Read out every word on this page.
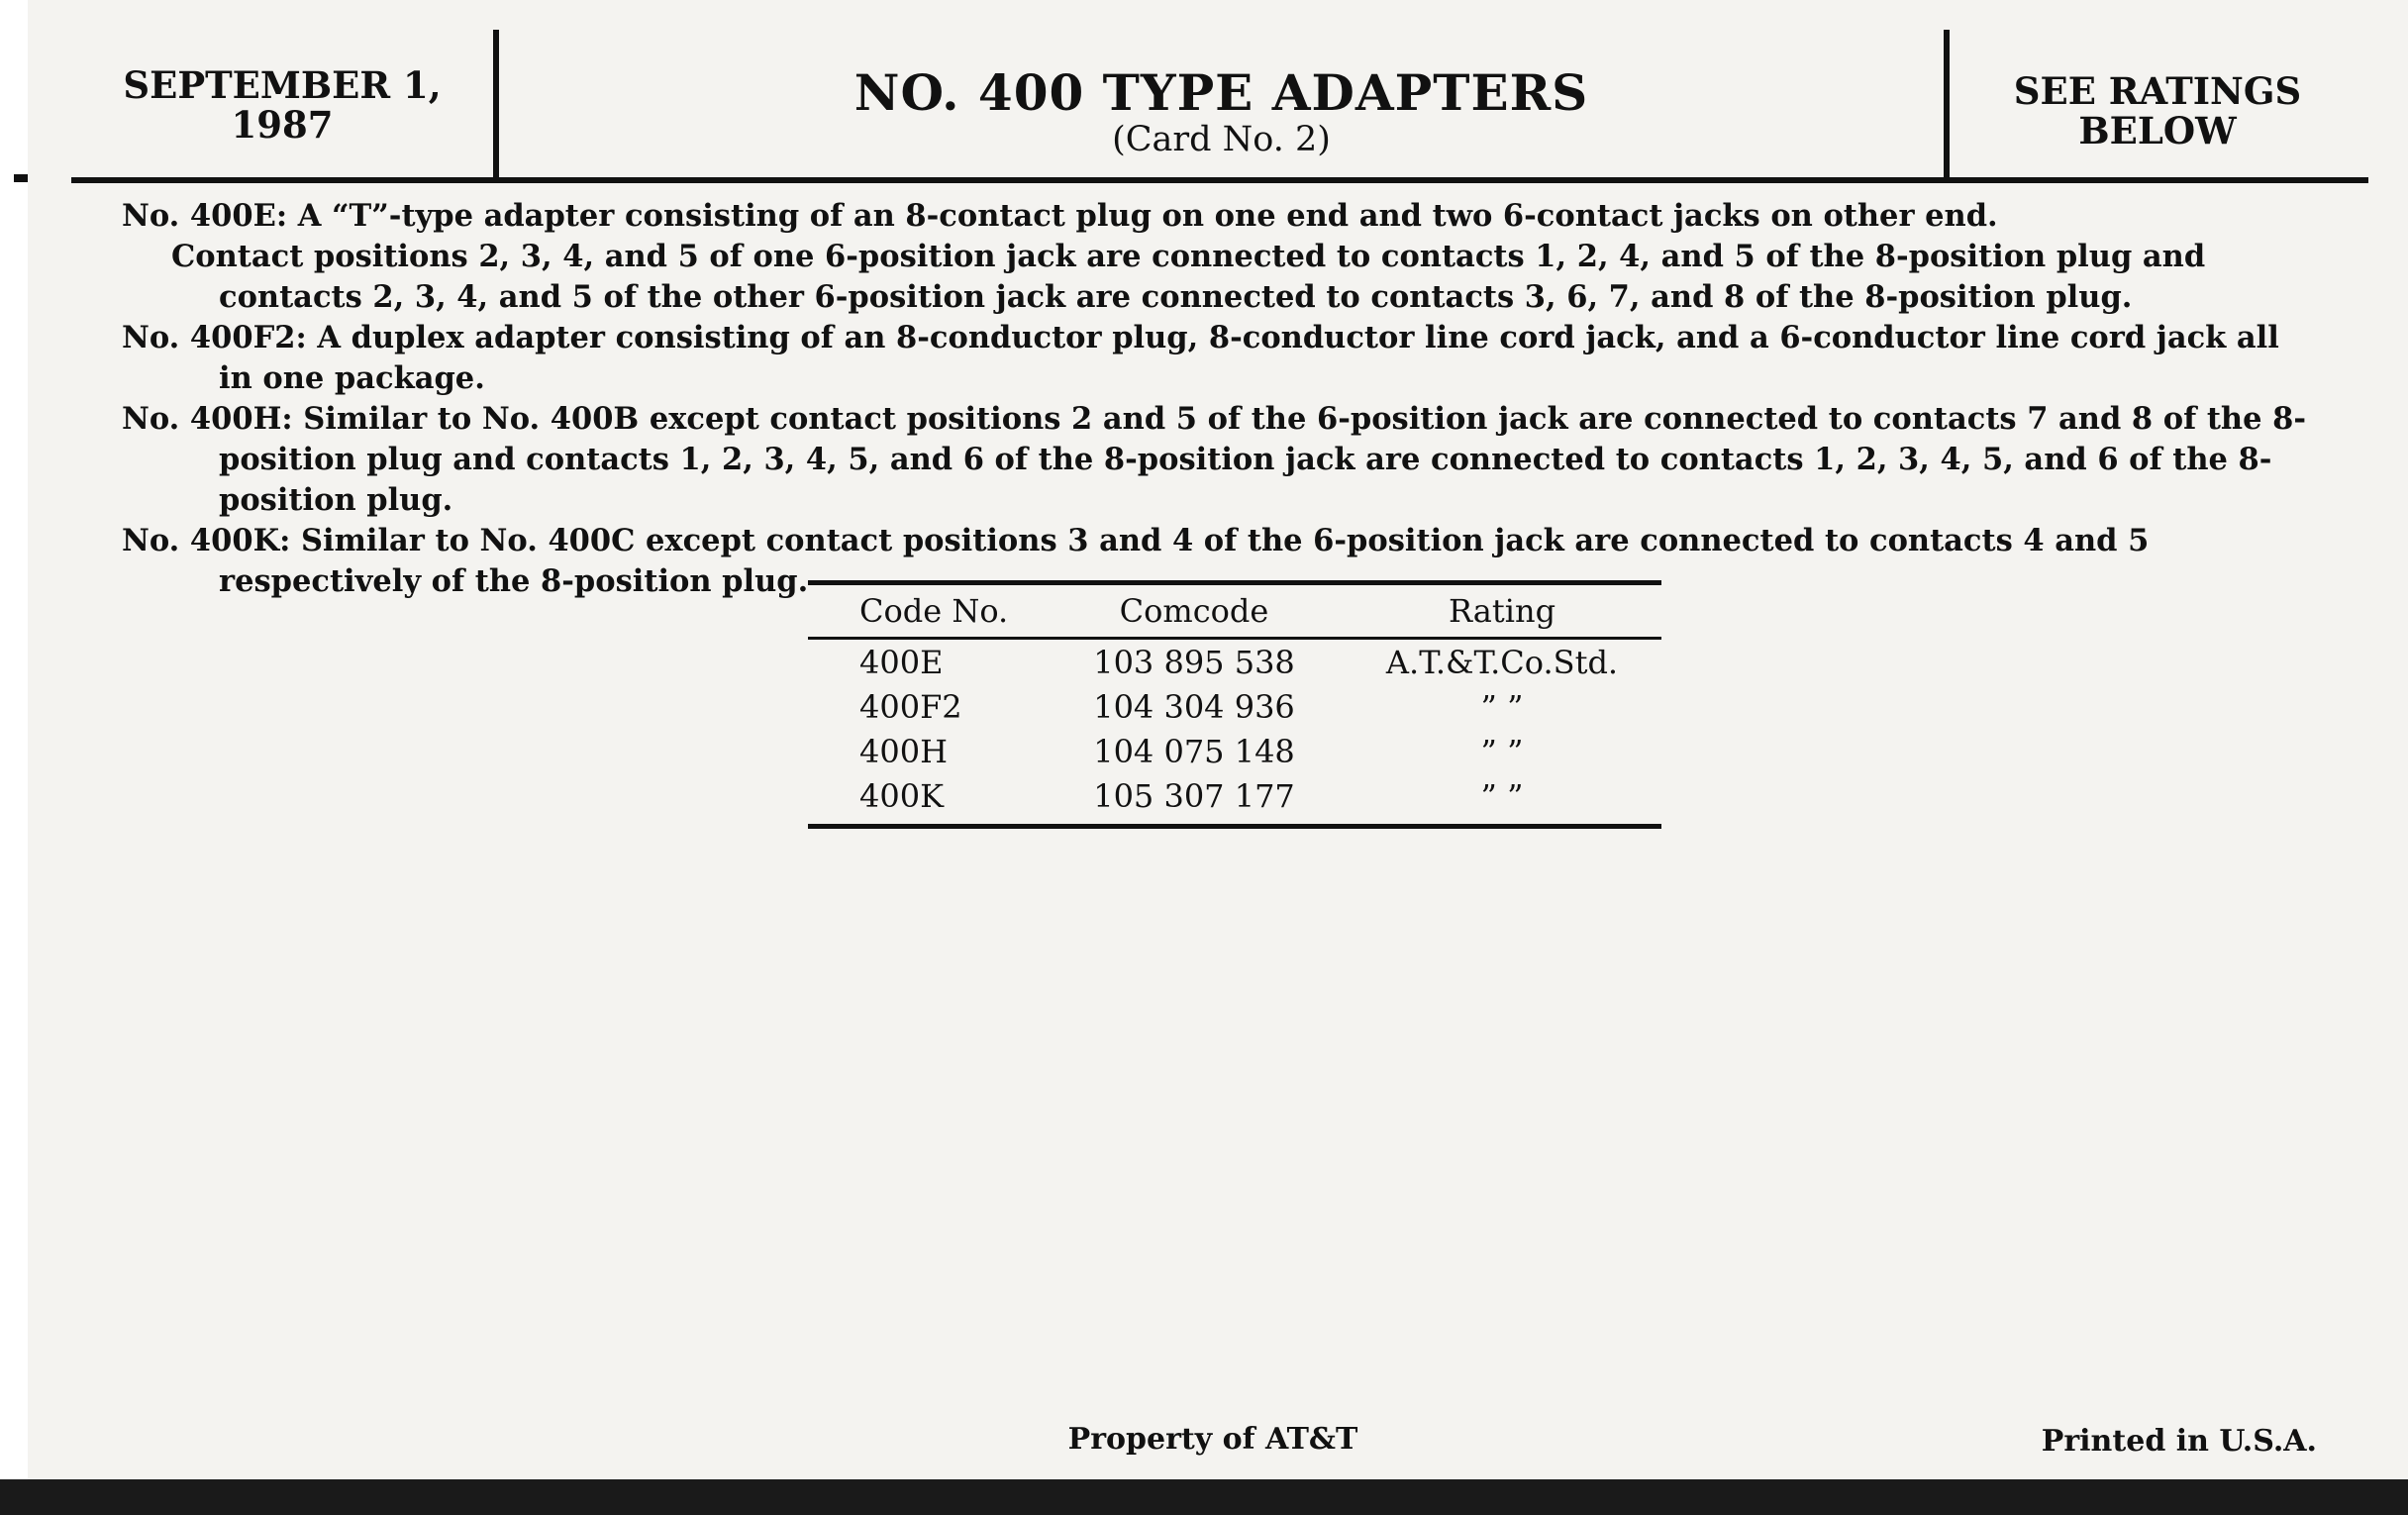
SEPTEMBER 1,
1987
NO. 400 TYPE ADAPTERS
(Card No. 2)
SEE RATINGS
BELOW

No. 400E: A “T”-type adapter consisting of an 8-contact plug on one end and two 6-contact jacks on other end.

Contact positions 2, 3, 4, and 5 of one 6-position jack are connected to contacts 1, 2, 4, and 5 of the 8-position plug and contacts 2, 3, 4, and 5 of the other 6-position jack are connected to contacts 3, 6, 7, and 8 of the 8-position plug.

No. 400F2: A duplex adapter consisting of an 8-conductor plug, 8-conductor line cord jack, and a 6-conductor line cord jack all in one package.

No. 400H: Similar to No. 400B except contact positions 2 and 5 of the 6-position jack are connected to contacts 7 and 8 of the 8-position plug and contacts 1, 2, 3, 4, 5, and 6 of the 8-position jack are connected to contacts 1, 2, 3, 4, 5, and 6 of the 8-position plug.

No. 400K: Similar to No. 400C except contact positions 3 and 4 of the 6-position jack are connected to contacts 4 and 5 respectively of the 8-position plug.

Code No.	Comcode	Rating
400E	103 895 538	A.T.&T.Co.Std.
400F2	104 304 936	” ”
400H	104 075 148	” ”
400K	105 307 177	” ”
Property of AT&T	Printed in U.S.A.
